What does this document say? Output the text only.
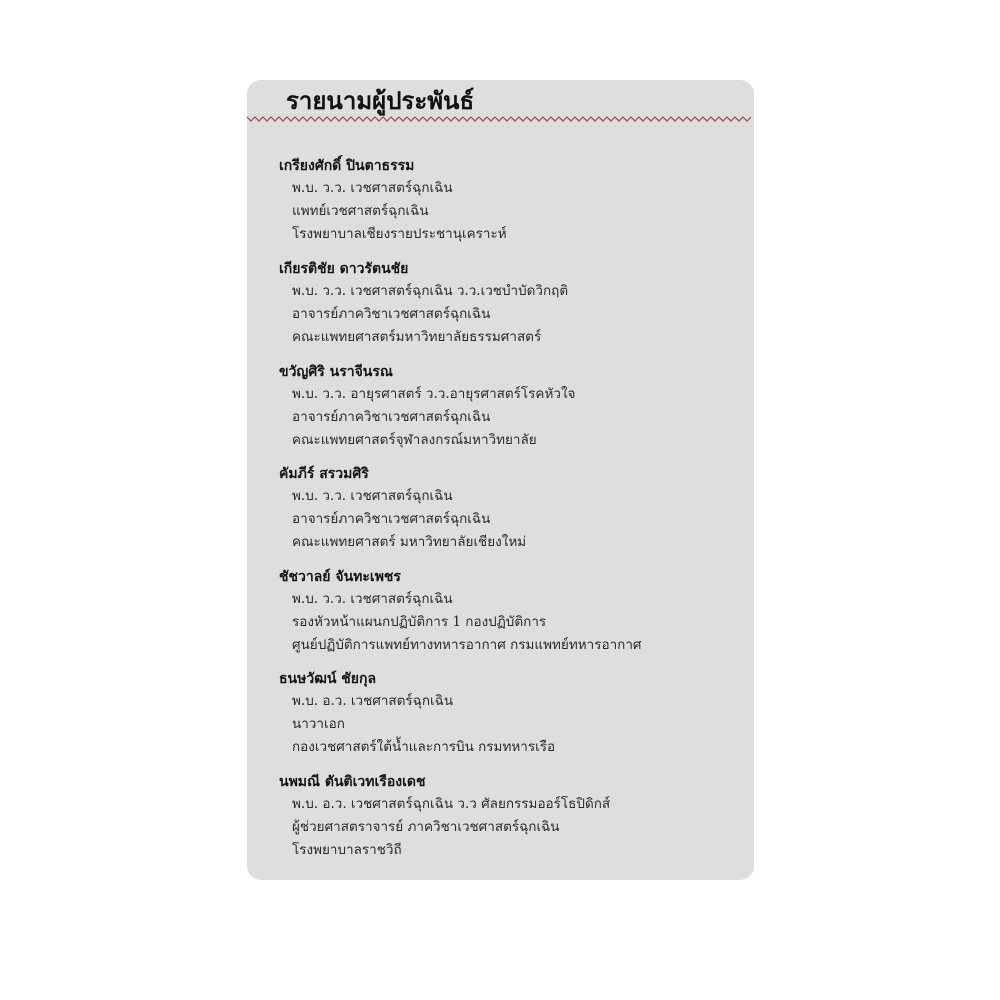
รายนามผู้ประพันธ์
เกรียงศักดิ์ ปินตาธรรม
พ.บ. ว.ว. เวชศาสตร์ฉุกเฉิน
แพทย์เวชศาสตร์ฉุกเฉิน
โรงพยาบาลเชียงรายประชานุเคราะห์
เกียรติชัย ดาวรัตนชัย
พ.บ. ว.ว. เวชศาสตร์ฉุกเฉิน ว.ว.เวชบำบัดวิกฤติ
อาจารย์ภาควิชาเวชศาสตร์ฉุกเฉิน
คณะแพทยศาสตร์มหาวิทยาลัยธรรมศาสตร์
ขวัญศิริ นราจีนรณ
พ.บ. ว.ว. อายุรศาสตร์ ว.ว.อายุรศาสตร์โรคหัวใจ
อาจารย์ภาควิชาเวชศาสตร์ฉุกเฉิน
คณะแพทยศาสตร์จุฬาลงกรณ์มหาวิทยาลัย
คัมภีร์ สรวมศิริ
พ.บ. ว.ว. เวชศาสตร์ฉุกเฉิน
อาจารย์ภาควิชาเวชศาสตร์ฉุกเฉิน
คณะแพทยศาสตร์ มหาวิทยาลัยเชียงใหม่
ชัชวาลย์ จันทะเพชร
พ.บ. ว.ว. เวชศาสตร์ฉุกเฉิน
รองหัวหน้าแผนกปฏิบัติการ 1 กองปฏิบัติการ
ศูนย์ปฏิบัติการแพทย์ทางทหารอากาศ กรมแพทย์ทหารอากาศ
ธนษวัฒน์ ชัยกุล
พ.บ. อ.ว. เวชศาสตร์ฉุกเฉิน
นาวาเอก
กองเวชศาสตร์ใต้น้ำและการบิน กรมทหารเรือ
นพมณี ตันติเวทเรืองเดช
พ.บ. อ.ว. เวชศาสตร์ฉุกเฉิน ว.ว ศัลยกรรมออร์โธปิดิกส์
ผู้ช่วยศาสตราจารย์ ภาควิชาเวชศาสตร์ฉุกเฉิน
โรงพยาบาลราชวิถี
